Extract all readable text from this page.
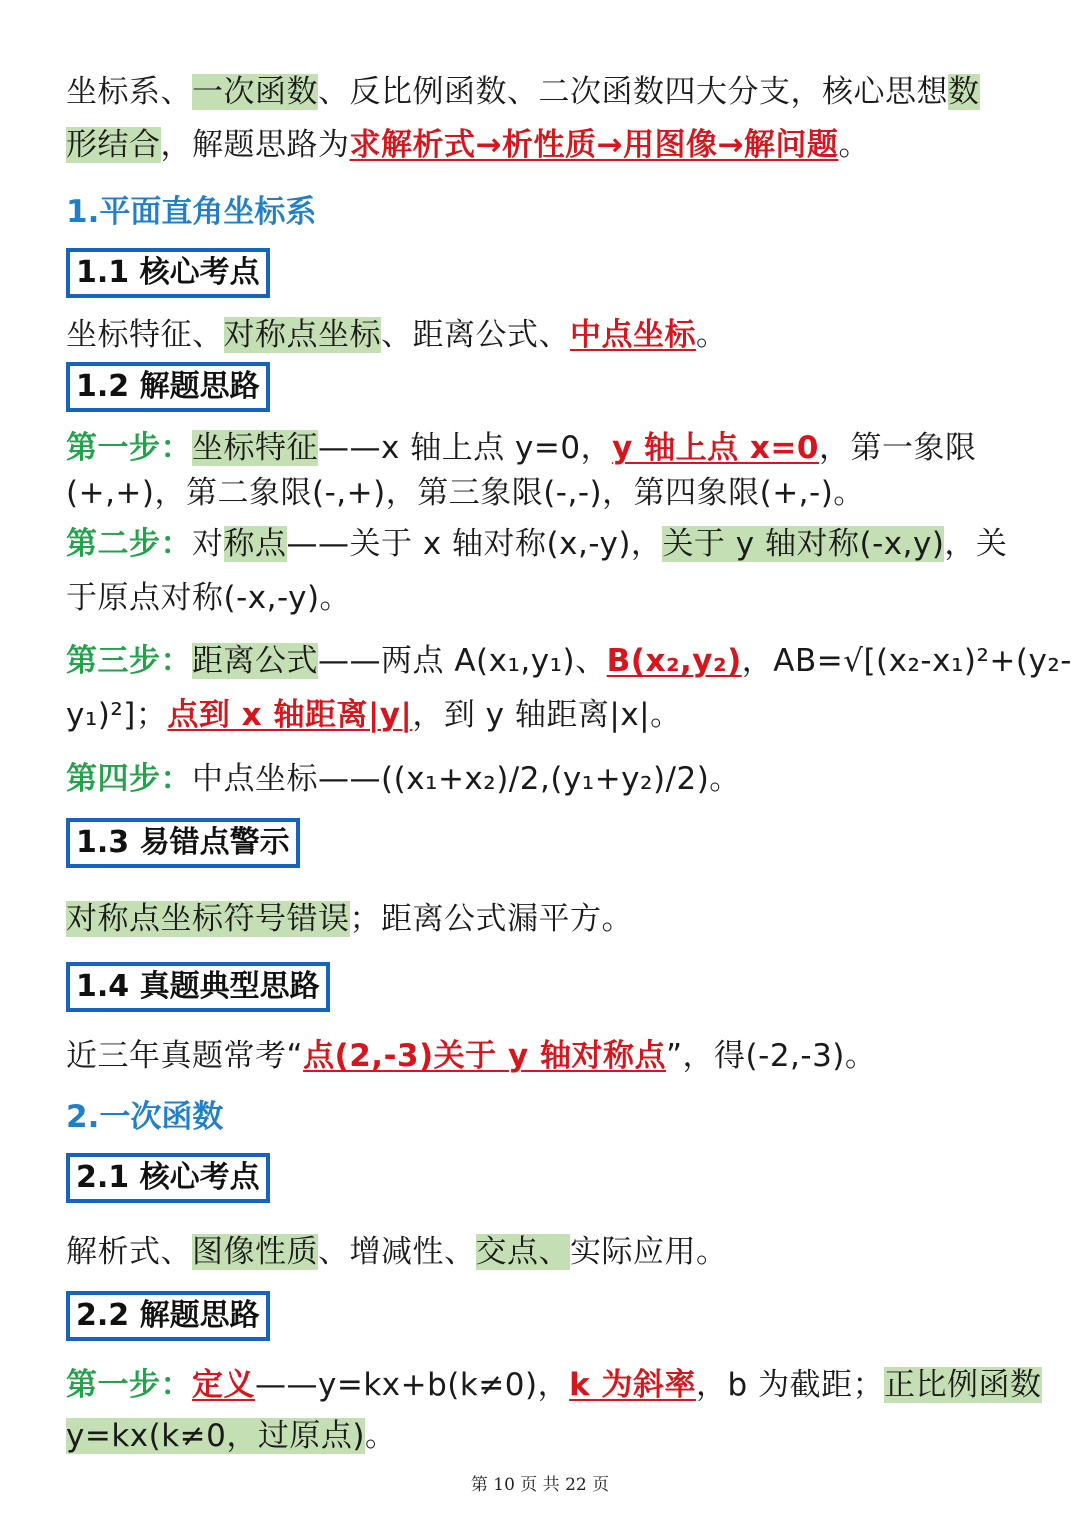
坐标系、一次函数、反比例函数、二次函数四大分支，核心思想数
形结合，解题思路为求解析式→析性质→用图像→解问题。
1.平面直角坐标系
1.1 核心考点
坐标特征、对称点坐标、距离公式、中点坐标。
1.2 解题思路
第一步：坐标特征——x 轴上点 y=0，y 轴上点 x=0，第一象限
(+,+)，第二象限(-,+)，第三象限(-,-)，第四象限(+,-)。
第二步：对称点——关于 x 轴对称(x,-y)，关于 y 轴对称(-x,y)，关
于原点对称(-x,-y)。
第三步：距离公式——两点 A(x₁,y₁)、B(x₂,y₂)，AB=√[(x₂-x₁)²+(y₂-
y₁)²]；点到 x 轴距离|y|，到 y 轴距离|x|。
第四步：中点坐标——((x₁+x₂)/2,(y₁+y₂)/2)。
1.3 易错点警示
对称点坐标符号错误；距离公式漏平方。
1.4 真题典型思路
近三年真题常考“点(2,-3)关于 y 轴对称点”，得(-2,-3)。
2.一次函数
2.1 核心考点
解析式、图像性质、增减性、交点、实际应用。
2.2 解题思路
第一步：定义——y=kx+b(k≠0)，k 为斜率，b 为截距；正比例函数
y=kx(k≠0，过原点)。
第 10 页 共 22 页
